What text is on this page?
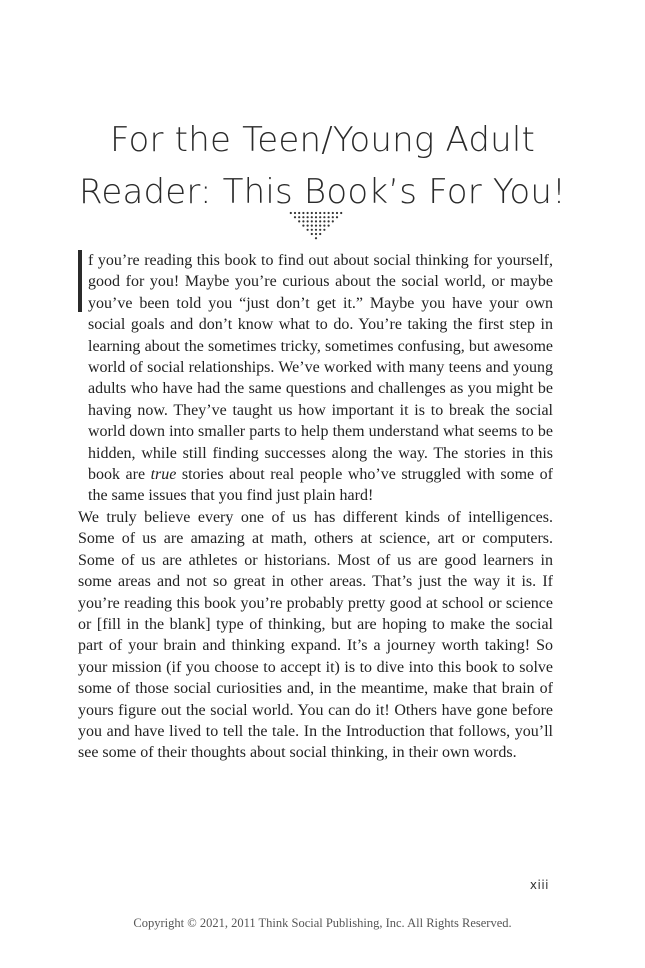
For the Teen/Young Adult
Reader: This Book’s For You!

f you’re reading this book to find out about social thinking for yourself, good for you! Maybe you’re curious about the social world, or maybe you’ve been told you “just don’t get it.” Maybe you have your own social goals and don’t know what to do. You’re taking the first step in learning about the sometimes tricky, sometimes confusing, but awesome world of social relationships. We’ve worked with many teens and young adults who have had the same questions and challenges as you might be having now. They’ve taught us how important it is to break the social world down into smaller parts to help them understand what seems to be hidden, while still finding successes along the way. The stories in this book are true stories about real people who’ve struggled with some of the same issues that you find just plain hard!

We truly believe every one of us has different kinds of intelligences. Some of us are amazing at math, others at science, art or computers. Some of us are athletes or historians. Most of us are good learners in some areas and not so great in other areas. That’s just the way it is. If you’re reading this book you’re probably pretty good at school or science or [fill in the blank] type of thinking, but are hoping to make the social part of your brain and thinking expand. It’s a journey worth taking! So your mission (if you choose to accept it) is to dive into this book to solve some of those social curiosities and, in the meantime, make that brain of yours figure out the social world. You can do it! Others have gone before you and have lived to tell the tale. In the Introduction that follows, you’ll see some of their thoughts about social thinking, in their own words.

xiii
Copyright © 2021, 2011 Think Social Publishing, Inc. All Rights Reserved.
